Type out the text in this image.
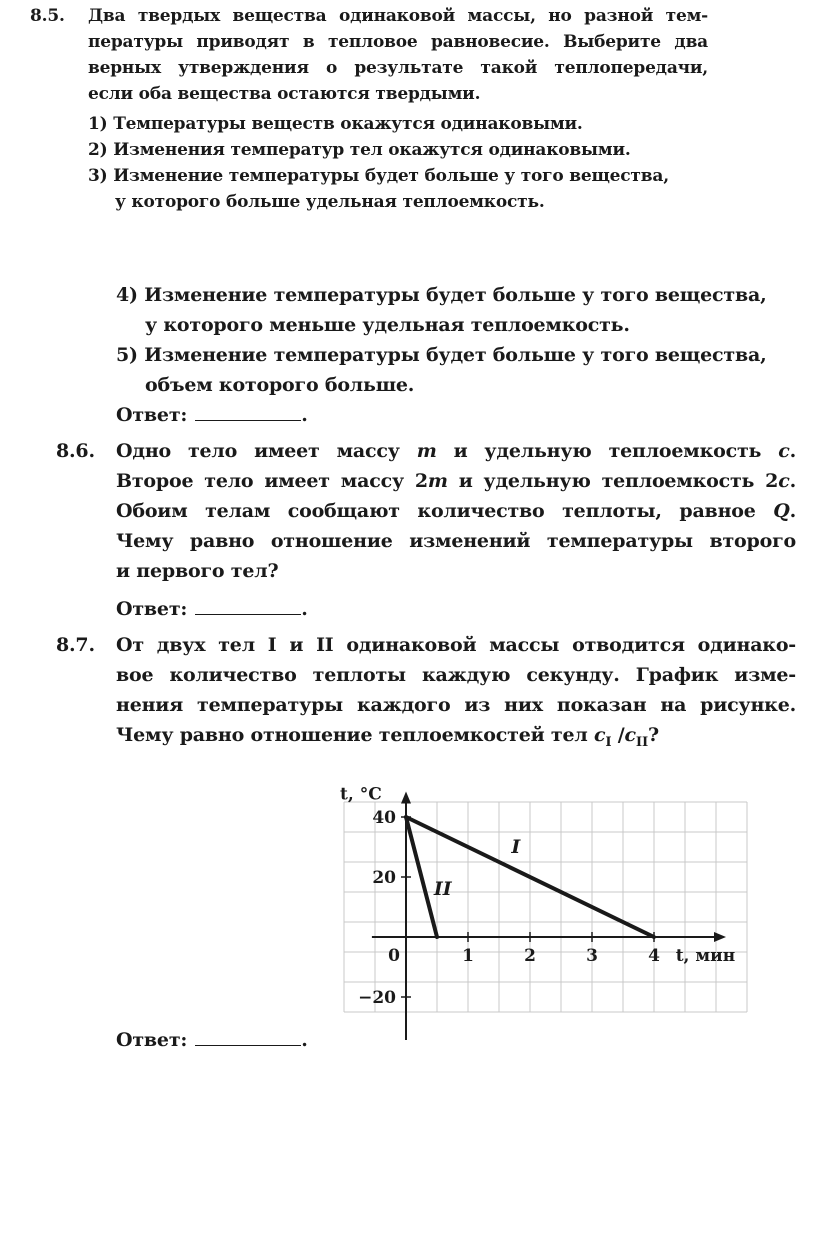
8.5. Два твердых вещества одинаковой массы, но разной тем-
пературы приводят в тепловое равновесие. Выберите два
верных утверждения о результате такой теплопередачи,
если оба вещества остаются твердыми.
1) Температуры веществ окажутся одинаковыми.
2) Изменения температур тел окажутся одинаковыми.
3) Изменение температуры будет больше у того вещества,
у которого больше удельная теплоемкость.
4) Изменение температуры будет больше у того вещества,
у которого меньше удельная теплоемкость.
5) Изменение температуры будет больше у того вещества,
объем которого больше.
Ответ:	.
8.6. Одно тело имеет массу m и удельную теплоемкость c.
Второе тело имеет массу 2m и удельную теплоемкость 2c.
Обоим телам сообщают количество теплоты, равное Q.
Чему равно отношение изменений температуры второго
и первого тел?
Ответ:	.
8.7. От двух тел I и II одинаковой массы отводится одинако-
вое количество теплоты каждую секунду. График изме-
нения температуры каждого из них показан на рисунке.
Чему равно отношение теплоемкостей тел $c_I$ $/c_{II}$?
Ответ:	.
0	1	2	3	4
40
20
−20
t, мин
t, °C
I
II
